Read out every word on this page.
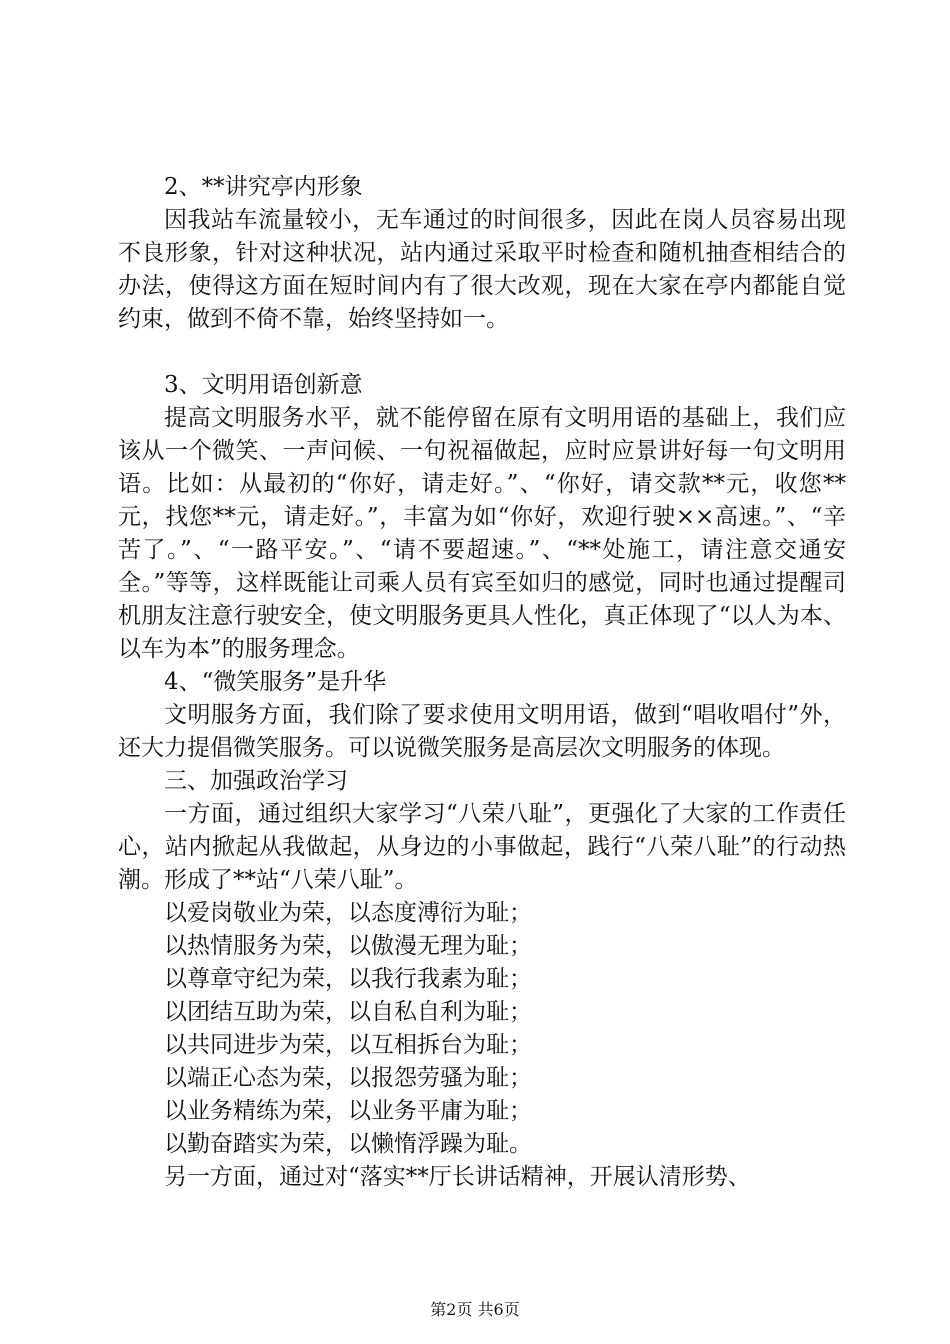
2、**讲究亭内形象

因我站车流量较小，无车通过的时间很多，因此在岗人员容易出现不良形象，针对这种状况，站内通过采取平时检查和随机抽查相结合的办法，使得这方面在短时间内有了很大改观，现在大家在亭内都能自觉约束，做到不倚不靠，始终坚持如一。

3、文明用语创新意

提高文明服务水平，就不能停留在原有文明用语的基础上，我们应该从一个微笑、一声问候、一句祝福做起，应时应景讲好每一句文明用语。比如：从最初的“你好，请走好。”、“你好，请交款**元，收您**元，找您**元，请走好。”，丰富为如“你好，欢迎行驶××高速。”、“辛苦了。”、“一路平安。”、“请不要超速。”、“**处施工，请注意交通安全。”等等，这样既能让司乘人员有宾至如归的感觉，同时也通过提醒司机朋友注意行驶安全，使文明服务更具人性化，真正体现了“以人为本、以车为本”的服务理念。

4、“微笑服务”是升华

文明服务方面，我们除了要求使用文明用语，做到“唱收唱付”外，还大力提倡微笑服务。可以说微笑服务是高层次文明服务的体现。

三、加强政治学习

一方面，通过组织大家学习“八荣八耻”，更强化了大家的工作责任心，站内掀起从我做起，从身边的小事做起，践行“八荣八耻”的行动热潮。形成了**站“八荣八耻”。

以爱岗敬业为荣，以态度溥衍为耻；

以热情服务为荣，以傲漫无理为耻；

以尊章守纪为荣，以我行我素为耻；

以团结互助为荣，以自私自利为耻；

以共同进步为荣，以互相拆台为耻；

以端正心态为荣，以报怨劳骚为耻；

以业务精练为荣，以业务平庸为耻；

以勤奋踏实为荣，以懒惰浮躁为耻。

另一方面，通过对“落实**厅长讲话精神，开展认清形势、

第2页 共6页
